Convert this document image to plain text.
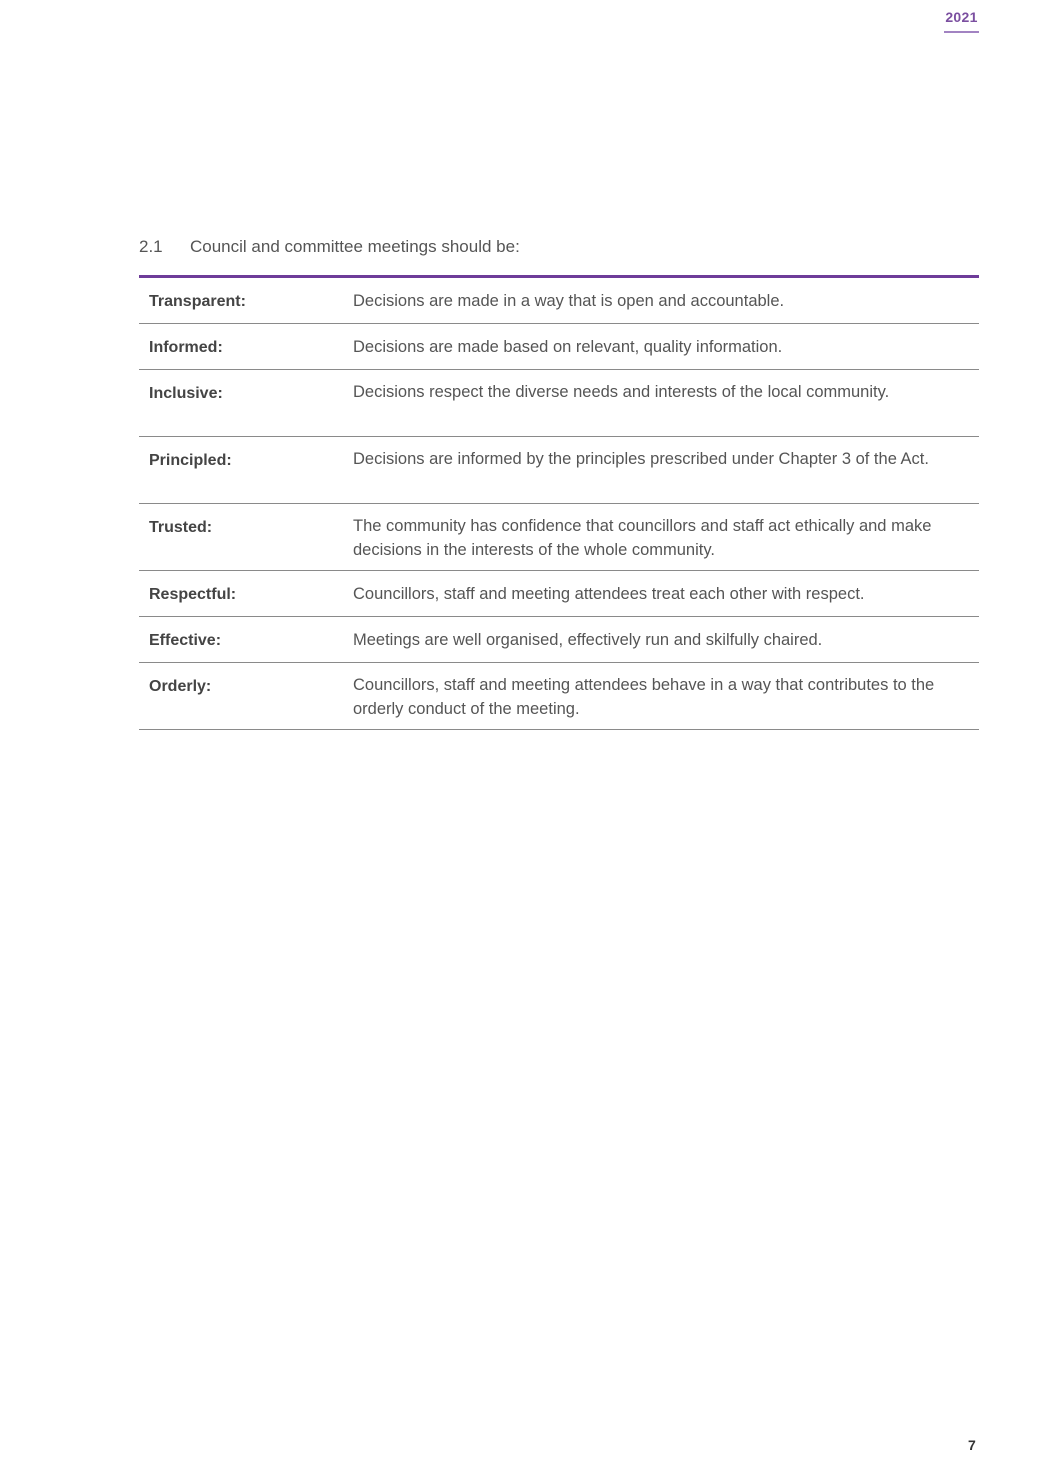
2021
2.1 Council and committee meetings should be:
Transparent:	Decisions are made in a way that is open and accountable.
Informed:	Decisions are made based on relevant, quality information.
Inclusive:	Decisions respect the diverse needs and interests of the local community.
Principled:	Decisions are informed by the principles prescribed under Chapter 3 of the Act.
Trusted:	The community has confidence that councillors and staff act ethically and make decisions in the interests of the whole community.
Respectful:	Councillors, staff and meeting attendees treat each other with respect.
Effective:	Meetings are well organised, effectively run and skilfully chaired.
Orderly:	Councillors, staff and meeting attendees behave in a way that contributes to the orderly conduct of the meeting.
7
